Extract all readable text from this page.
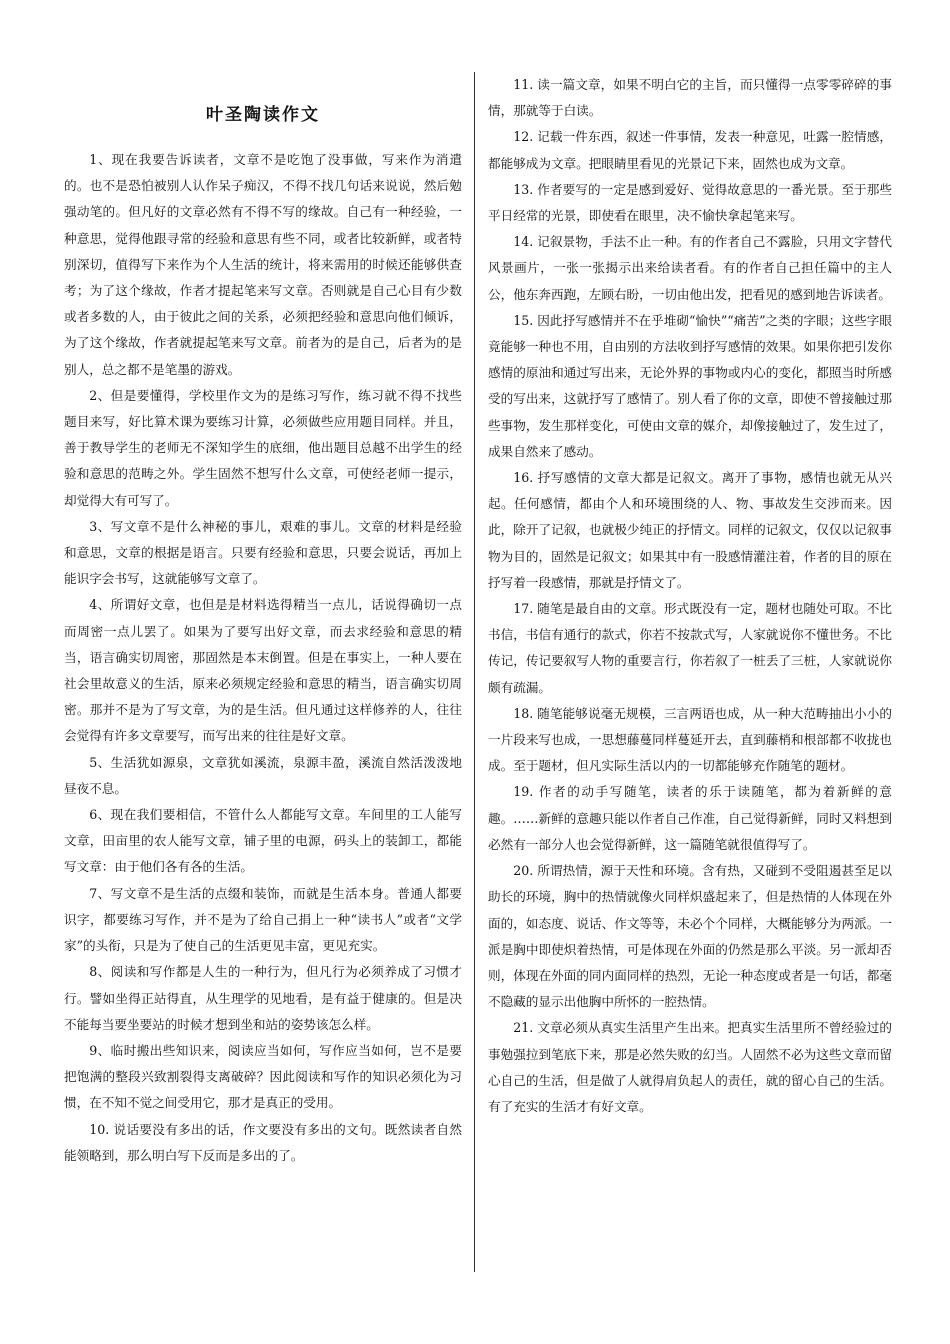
叶圣陶读作文

1、现在我要告诉读者，文章不是吃饱了没事做，写来作为消遣的。也不是恐怕被别人认作呆子痴汉，不得不找几句话来说说，然后勉强动笔的。但凡好的文章必然有不得不写的缘故。自己有一种经验，一种意思，觉得他跟寻常的经验和意思有些不同，或者比较新鲜，或者特别深切，值得写下来作为个人生活的统计，将来需用的时候还能够供查考；为了这个缘故，作者才提起笔来写文章。否则就是自己心目有少数或者多数的人，由于彼此之间的关系，必须把经验和意思向他们倾诉，为了这个缘故，作者就提起笔来写文章。前者为的是自己，后者为的是别人，总之都不是笔墨的游戏。

2、但是要懂得，学校里作文为的是练习写作，练习就不得不找些题目来写，好比算术课为要练习计算，必须做些应用题目同样。并且，善于教导学生的老师无不深知学生的底细，他出题目总越不出学生的经验和意思的范畴之外。学生固然不想写什么文章，可使经老师一提示，却觉得大有可写了。

3、写文章不是什么神秘的事儿，艰难的事儿。文章的材料是经验和意思，文章的根据是语言。只要有经验和意思，只要会说话，再加上能识字会书写，这就能够写文章了。

4、所谓好文章，也但是是材料选得精当一点儿，话说得确切一点而周密一点儿罢了。如果为了要写出好文章，而去求经验和意思的精当，语言确实切周密，那固然是本末倒置。但是在事实上，一种人要在社会里故意义的生活，原来必须规定经验和意思的精当，语言确实切周密。那并不是为了写文章，为的是生活。但凡通过这样修养的人，往往会觉得有许多文章要写，而写出来的往往是好文章。

5、生活犹如源泉，文章犹如溪流，泉源丰盈，溪流自然活泼泼地昼夜不息。

6、现在我们要相信，不管什么人都能写文章。车间里的工人能写文章，田亩里的农人能写文章，铺子里的电源，码头上的装卸工，都能写文章：由于他们各有各的生活。

7、写文章不是生活的点缀和装饰，而就是生活本身。普通人都要识字，都要练习写作，并不是为了给自己捐上一种“读书人”或者“文学家”的头衔，只是为了使自己的生活更见丰富，更见充实。

8、阅读和写作都是人生的一种行为，但凡行为必须养成了习惯才行。譬如坐得正站得直，从生理学的见地看，是有益于健康的。但是决不能每当要坐要站的时候才想到坐和站的姿势该怎么样。

9、临时搬出些知识来，阅读应当如何，写作应当如何，岂不是要把饱满的整段兴致割裂得支离破碎？因此阅读和写作的知识必须化为习惯，在不知不觉之间受用它，那才是真正的受用。

10. 说话要没有多出的话，作文要没有多出的文句。既然读者自然能领略到，那么明白写下反而是多出的了。

11. 读一篇文章，如果不明白它的主旨，而只懂得一点零零碎碎的事情，那就等于白读。

12. 记载一件东西，叙述一件事情，发表一种意见，吐露一腔情感，都能够成为文章。把眼睛里看见的光景记下来，固然也成为文章。

13. 作者要写的一定是感到爱好、觉得故意思的一番光景。至于那些平日经常的光景，即使看在眼里，决不愉快拿起笔来写。

14. 记叙景物，手法不止一种。有的作者自己不露脸，只用文字替代风景画片，一张一张揭示出来给读者看。有的作者自己担任篇中的主人公，他东奔西跑，左顾右盼，一切由他出发，把看见的感到地告诉读者。

15. 因此抒写感情并不在乎堆砌“愉快”“痛苦”之类的字眼；这些字眼竟能够一种也不用，自由别的方法收到抒写感情的效果。如果你把引发你感情的原油和通过写出来，无论外界的事物或内心的变化，都照当时所感受的写出来，这就抒写了感情了。别人看了你的文章，即使不曾接触过那些事物，发生那样变化，可使由文章的媒介，却像接触过了，发生过了，成果自然来了感动。

16. 抒写感情的文章大都是记叙文。离开了事物，感情也就无从兴起。任何感情，都由个人和环境围绕的人、物、事故发生交涉而来。因此，除开了记叙，也就极少纯正的抒情文。同样的记叙文，仅仅以记叙事物为目的，固然是记叙文；如果其中有一股感情灌注着，作者的目的原在抒写着一段感情，那就是抒情文了。

17. 随笔是最自由的文章。形式既没有一定，题材也随处可取。不比书信，书信有通行的款式，你若不按款式写，人家就说你不懂世务。不比传记，传记要叙写人物的重要言行，你若叙了一桩丢了三桩，人家就说你颇有疏漏。

18. 随笔能够说毫无规模，三言两语也成，从一种大范畴抽出小小的一片段来写也成，一思想藤蔓同样蔓延开去，直到藤梢和根部都不收拢也成。至于题材，但凡实际生活以内的一切都能够充作随笔的题材。

19. 作者的动手写随笔，读者的乐于读随笔，都为着新鲜的意趣。……新鲜的意趣只能以作者自己作准，自己觉得新鲜，同时又料想到必然有一部分人也会觉得新鲜，这一篇随笔就很值得写了。

20. 所谓热情，源于天性和环境。含有热，又碰到不受阻遏甚至足以助长的环境，胸中的热情就像火同样炽盛起来了，但是热情的人体现在外面的，如态度、说话、作文等等，未必个个同样，大概能够分为两派。一派是胸中即使炽着热情，可是体现在外面的仍然是那么平淡。另一派却否则，体现在外面的同内面同样的热烈，无论一种态度或者是一句话，都毫不隐藏的显示出他胸中所怀的一腔热情。

21. 文章必须从真实生活里产生出来。把真实生活里所不曾经验过的事勉强拉到笔底下来，那是必然失败的幻当。人固然不必为这些文章而留心自己的生活，但是做了人就得肩负起人的责任，就的留心自己的生活。有了充实的生活才有好文章。
